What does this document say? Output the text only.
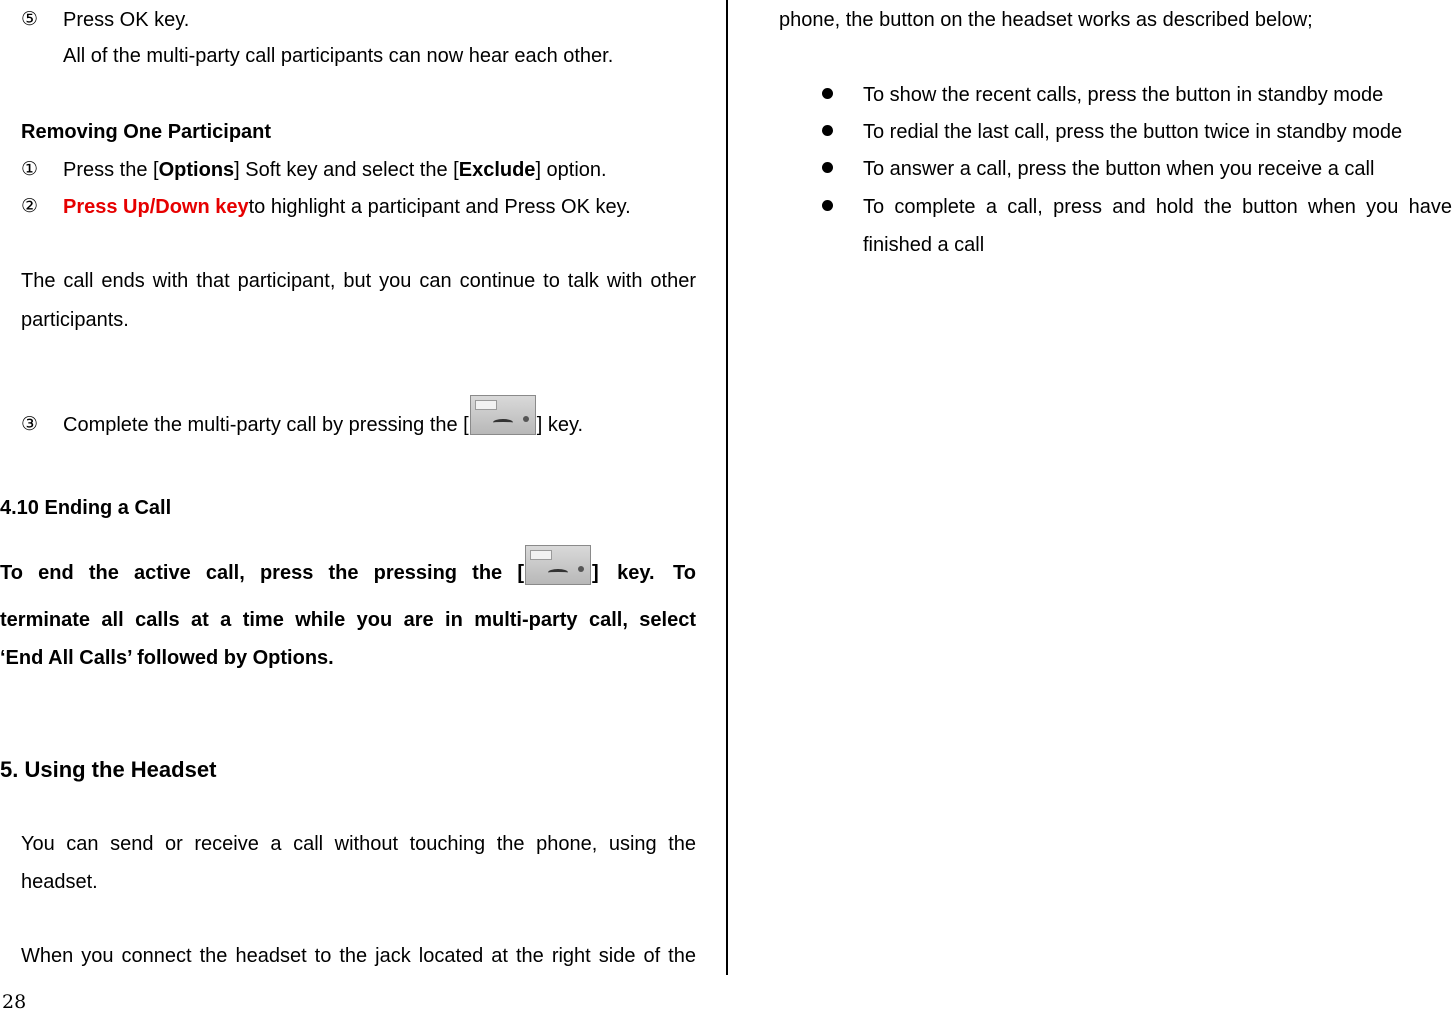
⑤ Press OK key.
All of the multi-party call participants can now hear each other.
Removing One Participant
① Press the [Options] Soft key and select the [Exclude] option.
② Press Up/Down keyto highlight a participant and Press OK key.
The call ends with that participant, but you can continue to talk with other
participants.
③ Complete the multi-party call by pressing the [	] key.
4.10 Ending a Call
To end the active call, press the pressing the [	] key. To
terminate all calls at a time while you are in multi-party call, select
‘End All Calls’ followed by Options.
5. Using the Headset
You can send or receive a call without touching the phone, using the
headset.
When you connect the headset to the jack located at the right side of the
phone, the button on the headset works as described below;
To show the recent calls, press the button in standby mode
To redial the last call, press the button twice in standby mode
To answer a call, press the button when you receive a call
To complete a call, press and hold the button when you have
finished a call
28
